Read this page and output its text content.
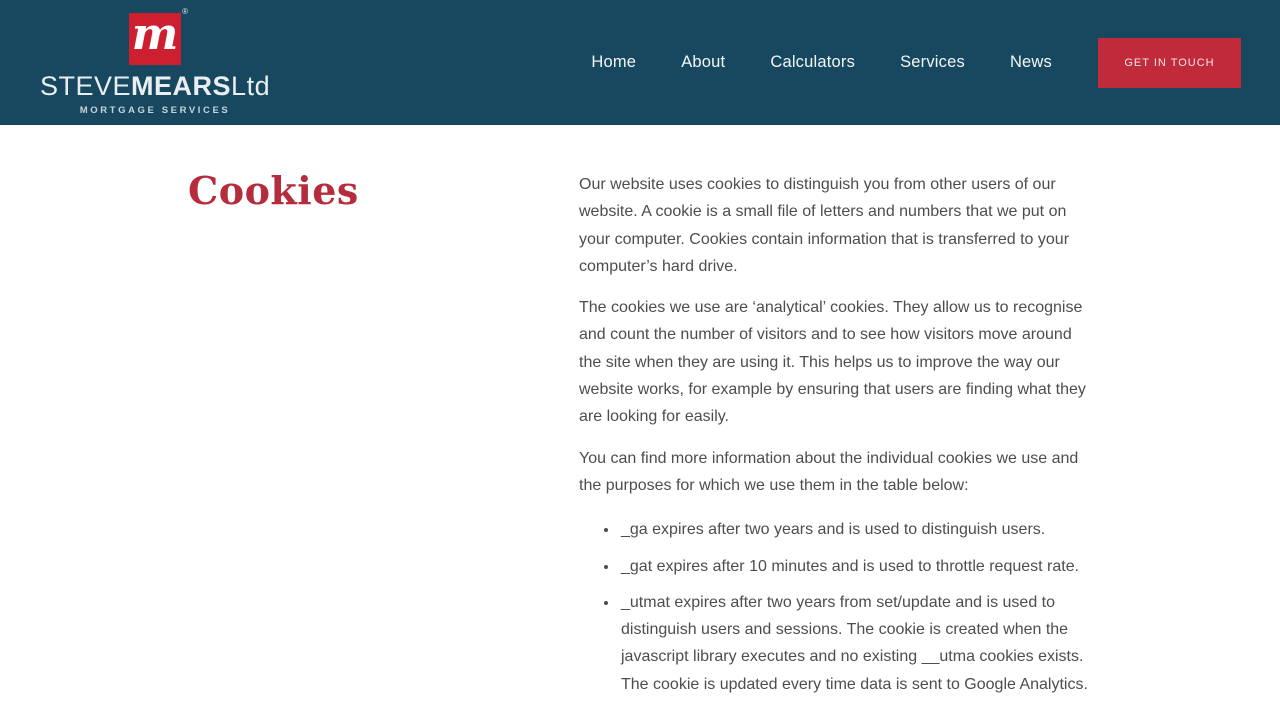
m ®
STEVEMEARSLtd
MORTGAGE SERVICES
Home	About	Calculators	Services	News	GET IN TOUCH
Cookies	Our website uses cookies to distinguish you from other users of our website. A cookie is a small file of letters and numbers that we put on your computer. Cookies contain information that is transferred to your computer’s hard drive.

The cookies we use are ‘analytical’ cookies. They allow us to recognise and count the number of visitors and to see how visitors move around the site when they are using it. This helps us to improve the way our website works, for example by ensuring that users are finding what they are looking for easily.

You can find more information about the individual cookies we use and the purposes for which we use them in the table below:

• _ga expires after two years and is used to distinguish users.
• _gat expires after 10 minutes and is used to throttle request rate.
• _utmat expires after two years from set/update and is used to distinguish users and sessions. The cookie is created when the javascript library executes and no existing __utma cookies exists. The cookie is updated every time data is sent to Google Analytics.
